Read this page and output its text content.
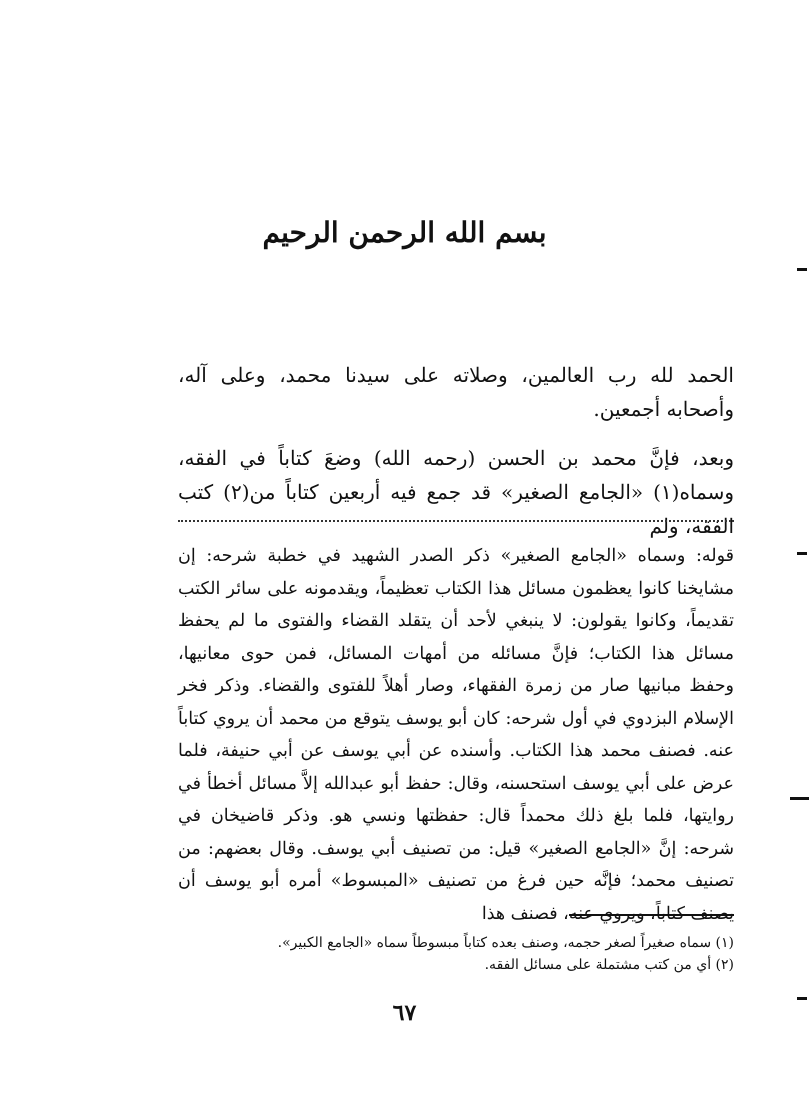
بسم الله الرحمن الرحيم
الحمد لله رب العالمين، وصلاته على سيدنا محمد، وعلى آله، وأصحابه أجمعين.
وبعد، فإنَّ محمد بن الحسن (رحمه الله) وضعَ كتاباً في الفقه، وسماه(١) «الجامع الصغير» قد جمع فيه أربعين كتاباً من(٢) كتب الفقه، ولم
قوله: وسماه «الجامع الصغير» ذكر الصدر الشهيد في خطبة شرحه: إن مشايخنا كانوا يعظمون مسائل هذا الكتاب تعظيماً، ويقدمونه على سائر الكتب تقديماً، وكانوا يقولون: لا ينبغي لأحد أن يتقلد القضاء والفتوى ما لم يحفظ مسائل هذا الكتاب؛ فإنَّ مسائله من أمهات المسائل، فمن حوى معانيها، وحفظ مبانيها صار من زمرة الفقهاء، وصار أهلاً للفتوى والقضاء. وذكر فخر الإسلام البزدوي في أول شرحه: كان أبو يوسف يتوقع من محمد أن يروي كتاباً عنه. فصنف محمد هذا الكتاب. وأسنده عن أبي يوسف عن أبي حنيفة، فلما عرض على أبي يوسف استحسنه، وقال: حفظ أبو عبدالله إلاَّ مسائل أخطأ في روايتها، فلما بلغ ذلك محمداً قال: حفظتها ونسي هو. وذكر قاضيخان في شرحه: إنَّ «الجامع الصغير» قيل: من تصنيف أبي يوسف. وقال بعضهم: من تصنيف محمد؛ فإنَّه حين فرغ من تصنيف «المبسوط» أمره أبو يوسف أن يصنف كتاباً، ويروي عنه، فصنف هذا
(١) سماه صغيراً لصغر حجمه، وصنف بعده كتاباً مبسوطاً سماه «الجامع الكبير».
(٢) أي من كتب مشتملة على مسائل الفقه.
٦٧
